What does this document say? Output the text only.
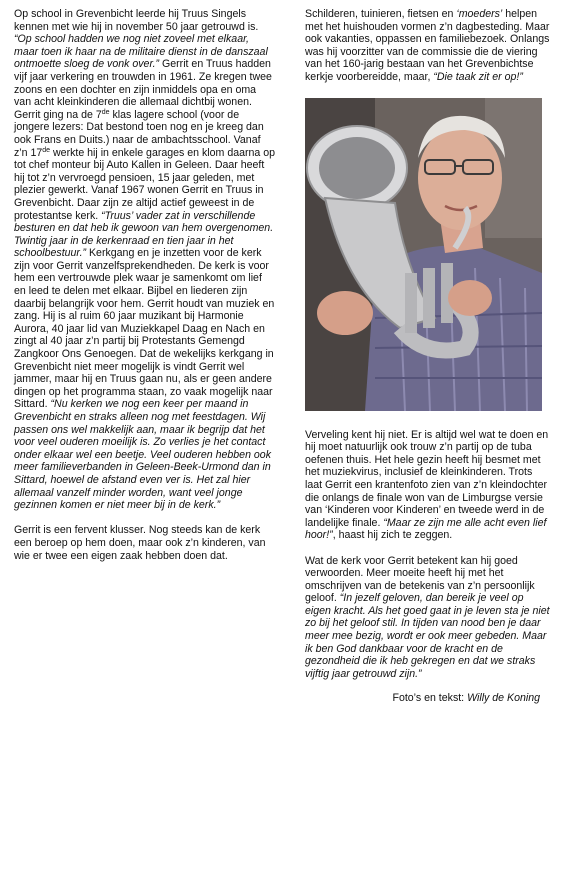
Op school in Grevenbicht leerde hij Truus Singels kennen met wie hij in november 50 jaar getrouwd is. “Op school hadden we nog niet zoveel met elkaar, maar toen ik haar na de militaire dienst in de danszaal ontmoette sloeg de vonk over.” Gerrit en Truus hadden vijf jaar verkering en trouwden in 1961. Ze kregen twee zoons en een dochter en zijn inmiddels opa en oma van acht kleinkinderen die allemaal dichtbij wonen. Gerrit ging na de 7de klas lagere school (voor de jongere lezers: Dat bestond toen nog en je kreeg dan ook Frans en Duits.) naar de ambachtsschool. Vanaf z’n 17de werkte hij in enkele garages en klom daarna op tot chef monteur bij Auto Kallen in Geleen. Daar heeft hij tot z’n vervroegd pensioen, 15 jaar geleden, met plezier gewerkt. Vanaf 1967 wonen Gerrit en Truus in Grevenbicht. Daar zijn ze altijd actief geweest in de protestantse kerk. “Truus’ vader zat in verschillende besturen en dat heb ik gewoon van hem overgenomen. Twintig jaar in de kerkenraad en tien jaar in het schoolbestuur.” Kerkgang en je inzetten voor de kerk zijn voor Gerrit vanzelfsprekendheden. De kerk is voor hem een vertrouwde plek waar je samenkomt om lief en leed te delen met elkaar. Bijbel en liederen zijn daarbij belangrijk voor hem. Gerrit houdt van muziek en zang. Hij is al ruim 60 jaar muzikant bij Harmonie Aurora, 40 jaar lid van Muziekkapel Daag en Nach en zingt al 40 jaar z’n partij bij Protestants Gemengd Zangkoor Ons Genoegen. Dat de wekelijks kerkgang in Grevenbicht niet meer mogelijk is vindt Gerrit wel jammer, maar hij en Truus gaan nu, als er geen andere dingen op het programma staan, zo vaak mogelijk naar Sittard. “Nu kerken we nog een keer per maand in Grevenbicht en straks alleen nog met feestdagen. Wij passen ons wel makkelijk aan, maar ik begrijp dat het voor veel ouderen moeilijk is. Zo verlies je het contact onder elkaar wel een beetje. Veel ouderen hebben ook meer familieverbanden in Geleen-Beek-Urmond dan in Sittard, hoewel de afstand even ver is. Het zal hier allemaal vanzelf minder worden, want veel jonge gezinnen komen er niet meer bij in de kerk.”

Gerrit is een fervent klusser. Nog steeds kan de kerk een beroep op hem doen, maar ook z’n kinderen, van wie er twee een eigen zaak hebben doen dat.

Schilderen, tuinieren, fietsen en ‘moeders’ helpen met het huishouden vormen z’n dagbesteding. Maar ook vakanties, oppassen en familiebezoek. Onlangs was hij voorzitter van de commissie die de viering van het 160-jarig bestaan van het Grevenbichtse kerkje voorbereidde, maar, “Die taak zit er op!”

Verveling kent hij niet. Er is altijd wel wat te doen en hij moet natuurlijk ook trouw z’n partij op de tuba oefenen thuis. Het hele gezin heeft hij besmet met het muziekvirus, inclusief de kleinkinderen. Trots laat Gerrit een krantenfoto zien van z’n kleindochter die onlangs de finale won van de Limburgse versie van ‘Kinderen voor Kinderen’ en tweede werd in de landelijke finale. “Maar ze zijn me alle acht even lief hoor!”, haast hij zich te zeggen.

Wat de kerk voor Gerrit betekent kan hij goed verwoorden. Meer moeite heeft hij met het omschrijven van de betekenis van z’n persoonlijk geloof. “In jezelf geloven, dan bereik je veel op eigen kracht. Als het goed gaat in je leven sta je niet zo bij het geloof stil. In tijden van nood ben je daar meer mee bezig, wordt er ook meer gebeden. Maar ik ben God dankbaar voor de kracht en de gezondheid die ik heb gekregen en dat we straks vijftig jaar getrouwd zijn.”

Foto’s en tekst: Willy de Koning
